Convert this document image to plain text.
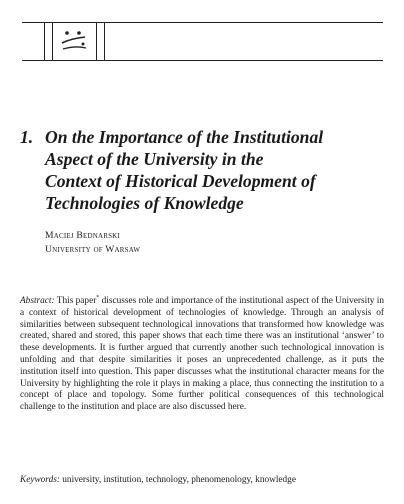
1. On the Importance of the Institutional
Aspect of the University in the
Context of Historical Development of
Technologies of Knowledge
Maciej Bednarski
University of Warsaw

Abstract: This paper* discusses role and importance of the institutional aspect of the University in a context of historical development of technologies of knowledge. Through an analysis of similarities between subsequent technological innovations that transformed how knowledge was created, shared and stored, this paper shows that each time there was an institutional ‘answer’ to these developments. It is further argued that currently another such technological innovation is unfolding and that despite similarities it poses an unprecedented challenge, as it puts the institution itself into question. This paper discusses what the institutional character means for the University by highlighting the role it plays in making a place, thus connecting the institution to a concept of place and topology. Some further political consequences of this technological challenge to the institution and place are also discussed here.

Keywords: university, institution, technology, phenomenology, knowledge
